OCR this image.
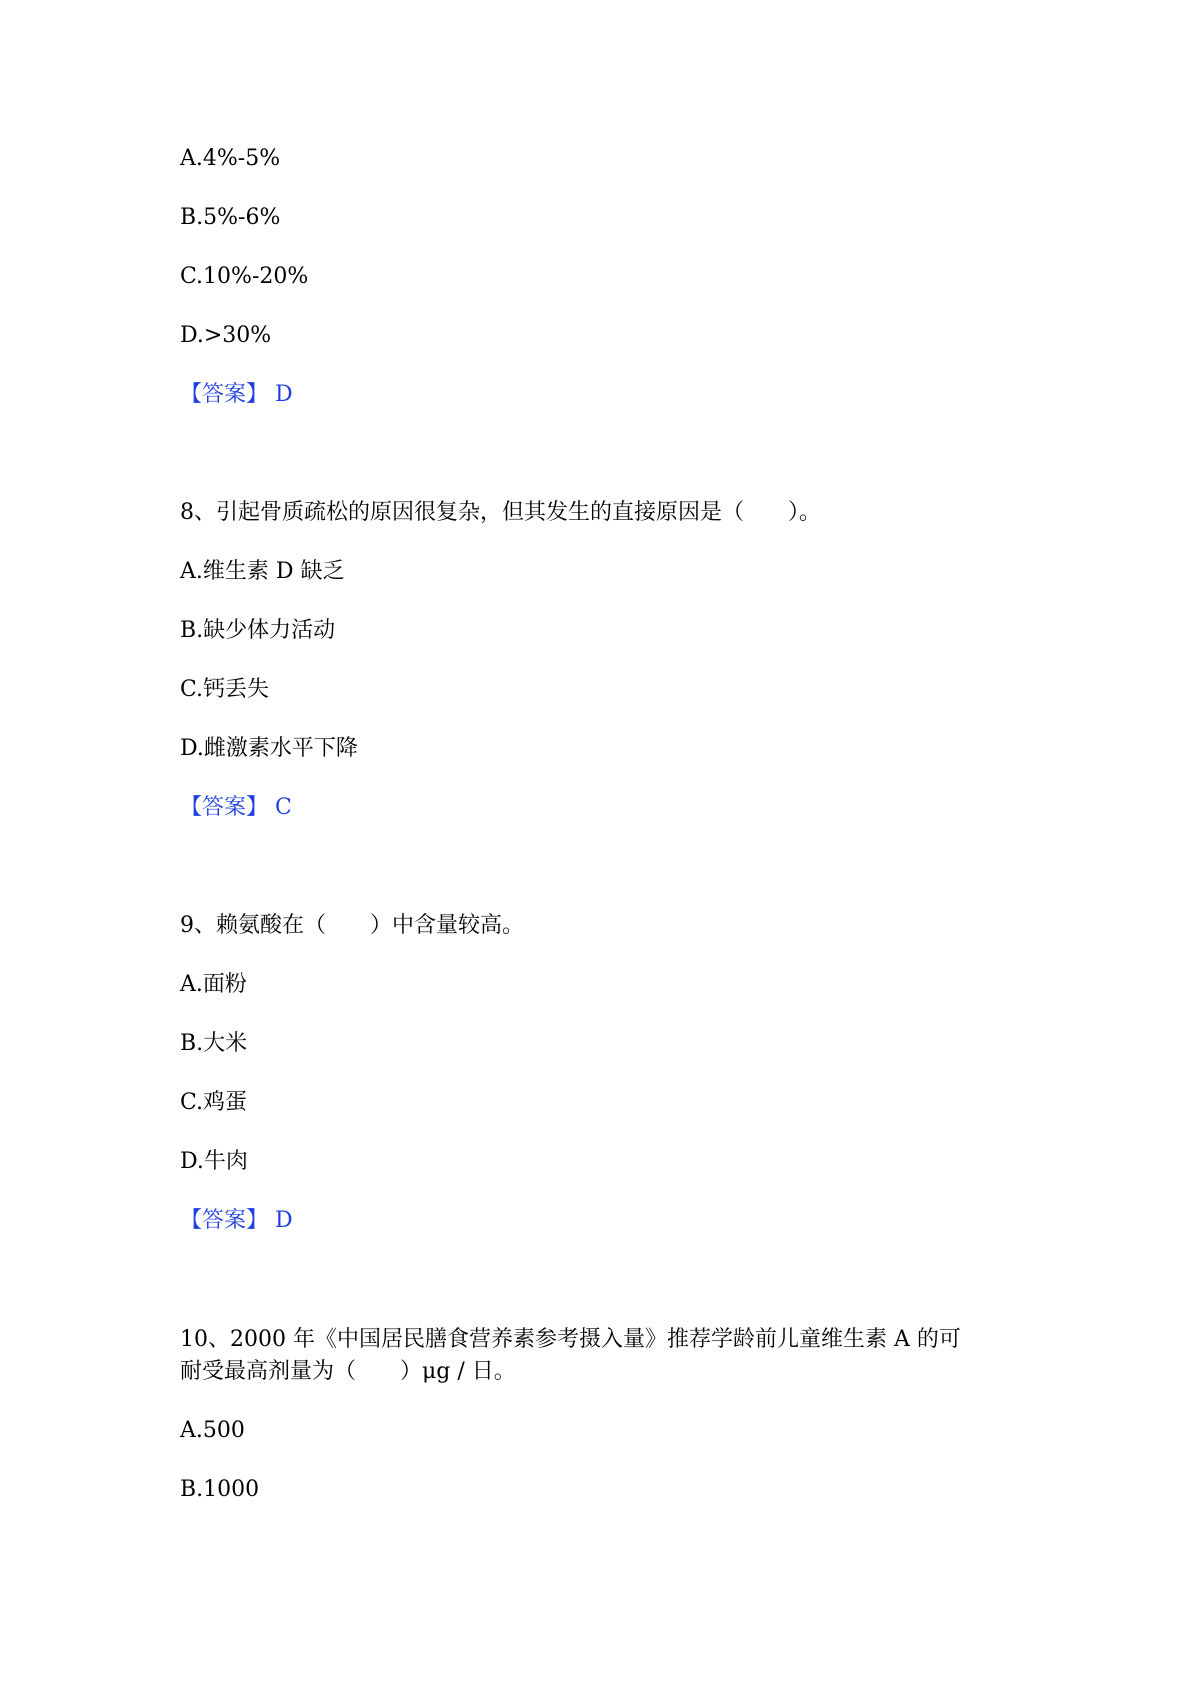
A.4%-5%
B.5%-6%
C.10%-20%
D.>30%
【答案】 D
8、引起骨质疏松的原因很复杂，但其发生的直接原因是（　　）。
A.维生素 D 缺乏
B.缺少体力活动
C.钙丢失
D.雌激素水平下降
【答案】 C
9、赖氨酸在（　　）中含量较高。
A.面粉
B.大米
C.鸡蛋
D.牛肉
【答案】 D
10、2000 年《中国居民膳食营养素参考摄入量》推荐学龄前儿童维生素 A 的可
耐受最高剂量为（　　）μg / 日。
A.500
B.1000
